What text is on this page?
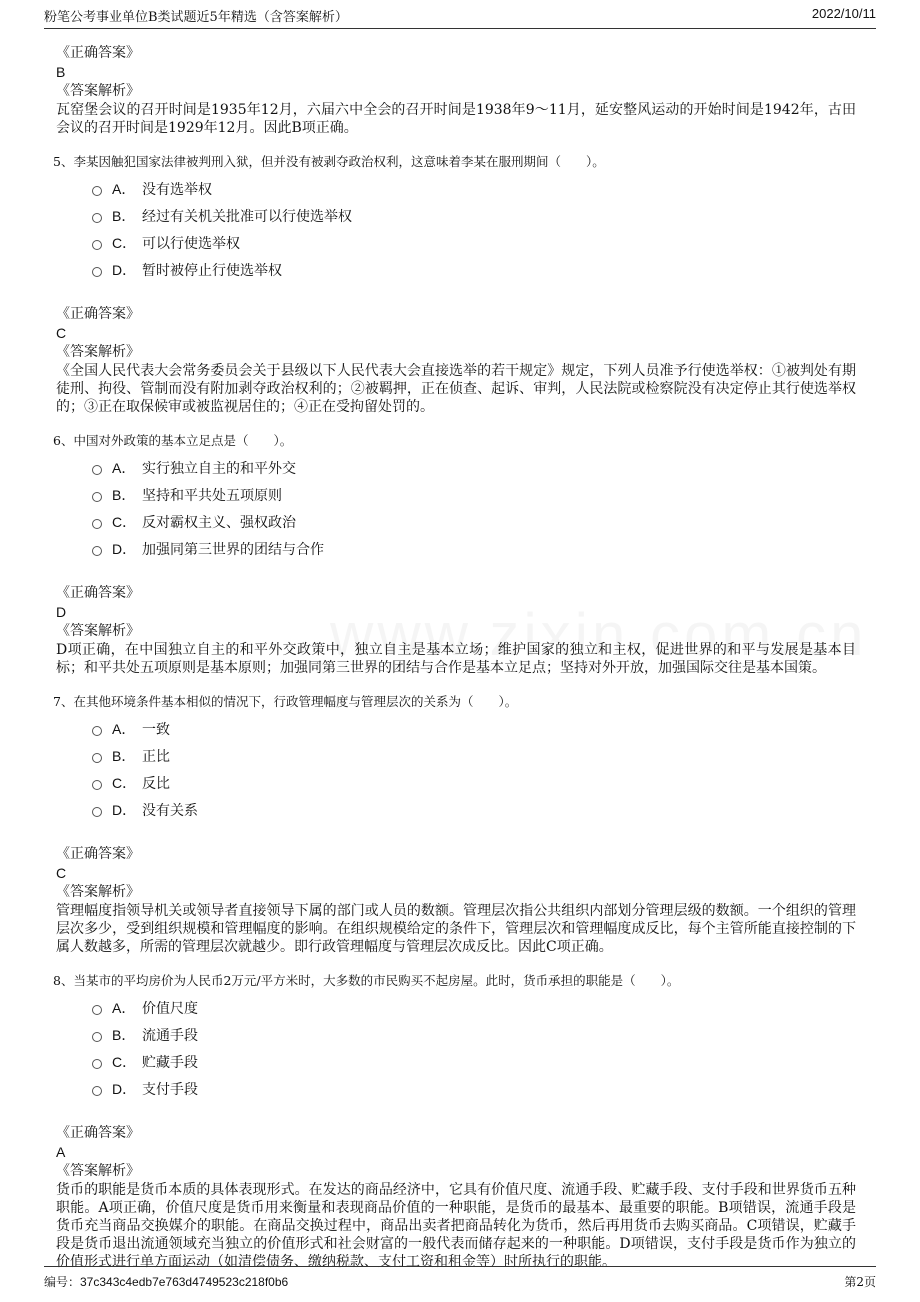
粉笔公考事业单位B类试题近5年精选（含答案解析）	2022/10/11
《正确答案》
B
《答案解析》

瓦窑堡会议的召开时间是1935年12月，六届六中全会的召开时间是1938年9～11月，延安整风运动的开始时间是1942年，古田会议的召开时间是1929年12月。因此B项正确。

5、李某因触犯国家法律被判刑入狱，但并没有被剥夺政治权利，这意味着李某在服刑期间（　　）。
A． 没有选举权
B． 经过有关机关批准可以行使选举权
C． 可以行使选举权
D． 暂时被停止行使选举权
《正确答案》
C
《答案解析》

《全国人民代表大会常务委员会关于县级以下人民代表大会直接选举的若干规定》规定，下列人员准予行使选举权：①被判处有期徒刑、拘役、管制而没有附加剥夺政治权利的；②被羁押，正在侦查、起诉、审判，人民法院或检察院没有决定停止其行使选举权的；③正在取保候审或被监视居住的；④正在受拘留处罚的。

6、中国对外政策的基本立足点是（　　）。
A． 实行独立自主的和平外交
B． 坚持和平共处五项原则
C． 反对霸权主义、强权政治
D． 加强同第三世界的团结与合作
《正确答案》
D
《答案解析》

D项正确，在中国独立自主的和平外交政策中，独立自主是基本立场；维护国家的独立和主权，促进世界的和平与发展是基本目标；和平共处五项原则是基本原则；加强同第三世界的团结与合作是基本立足点；坚持对外开放，加强国际交往是基本国策。

7、在其他环境条件基本相似的情况下，行政管理幅度与管理层次的关系为（　　）。
A． 一致
B． 正比
C． 反比
D． 没有关系
《正确答案》
C
《答案解析》

管理幅度指领导机关或领导者直接领导下属的部门或人员的数额。管理层次指公共组织内部划分管理层级的数额。一个组织的管理层次多少，受到组织规模和管理幅度的影响。在组织规模给定的条件下，管理层次和管理幅度成反比，每个主管所能直接控制的下属人数越多，所需的管理层次就越少。即行政管理幅度与管理层次成反比。因此C项正确。

8、当某市的平均房价为人民币2万元/平方米时，大多数的市民购买不起房屋。此时，货币承担的职能是（　　）。
A． 价值尺度
B． 流通手段
C． 贮藏手段
D． 支付手段
《正确答案》
A
《答案解析》

货币的职能是货币本质的具体表现形式。在发达的商品经济中，它具有价值尺度、流通手段、贮藏手段、支付手段和世界货币五种职能。A项正确，价值尺度是货币用来衡量和表现商品价值的一种职能，是货币的最基本、最重要的职能。B项错误，流通手段是货币充当商品交换媒介的职能。在商品交换过程中，商品出卖者把商品转化为货币，然后再用货币去购买商品。C项错误，贮藏手段是货币退出流通领域充当独立的价值形式和社会财富的一般代表而储存起来的一种职能。D项错误，支付手段是货币作为独立的价值形式进行单方面运动（如清偿债务、缴纳税款、支付工资和租金等）时所执行的职能。

编号：37c343c4edb7e763d4749523c218f0b6	第2页
